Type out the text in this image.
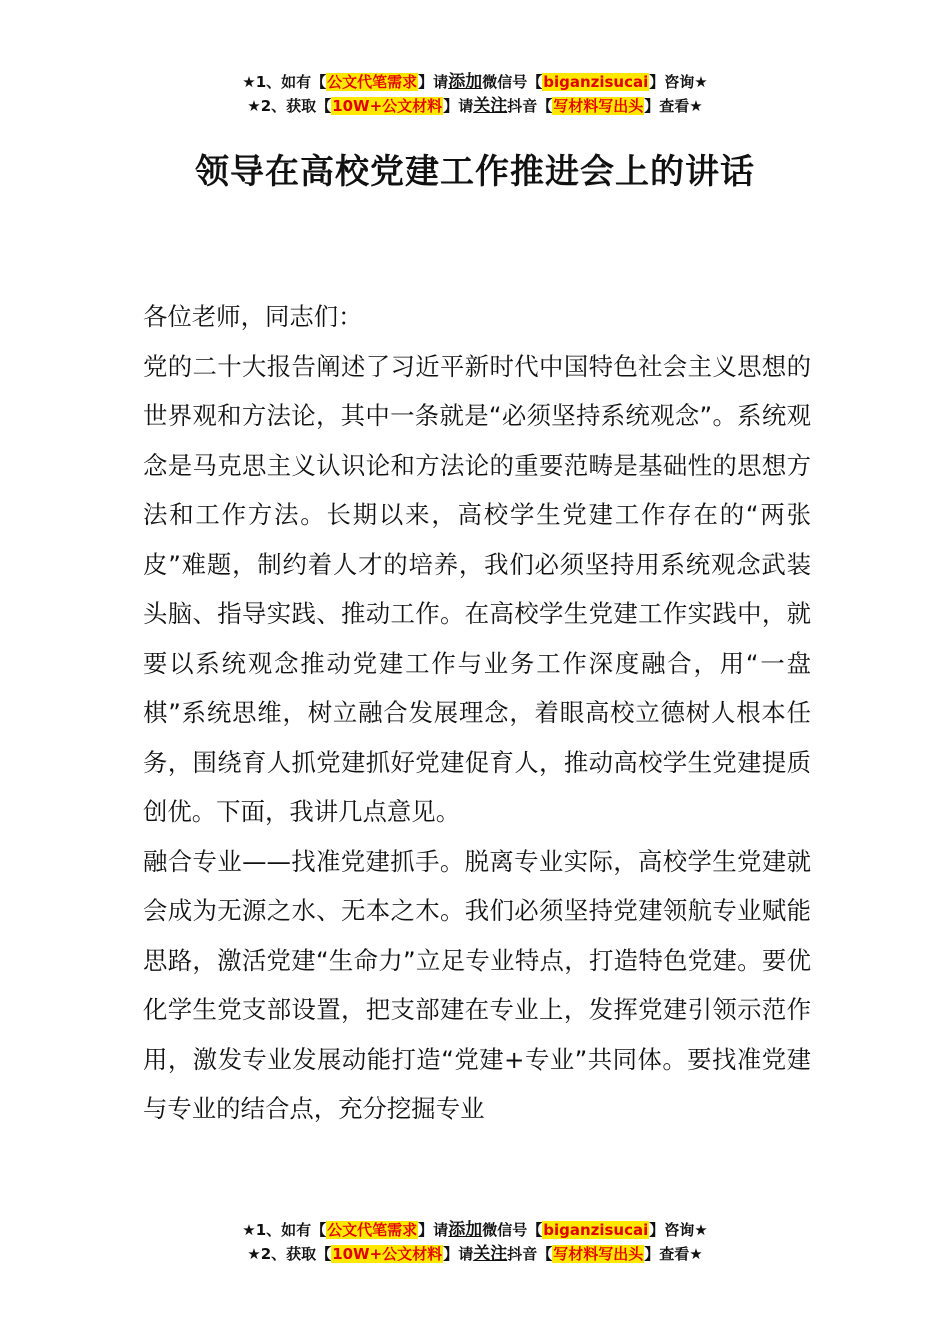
★1、如有【公文代笔需求】请添加微信号【biganzisucai】咨询★
★2、获取【10W+公文材料】请关注抖音【写材料写出头】查看★
领导在高校党建工作推进会上的讲话

各位老师，同志们：

党的二十大报告阐述了习近平新时代中国特色社会主义思想的世界观和方法论，其中一条就是“必须坚持系统观念”。系统观念是马克思主义认识论和方法论的重要范畴是基础性的思想方法和工作方法。长期以来，高校学生党建工作存在的“两张皮”难题，制约着人才的培养，我们必须坚持用系统观念武装头脑、指导实践、推动工作。在高校学生党建工作实践中，就要以系统观念推动党建工作与业务工作深度融合，用“一盘棋”系统思维，树立融合发展理念，着眼高校立德树人根本任务，围绕育人抓党建抓好党建促育人，推动高校学生党建提质创优。下面，我讲几点意见。

融合专业——找准党建抓手。脱离专业实际，高校学生党建就会成为无源之水、无本之木。我们必须坚持党建领航专业赋能思路，激活党建“生命力”立足专业特点，打造特色党建。要优化学生党支部设置，把支部建在专业上，发挥党建引领示范作用，激发专业发展动能打造“党建+专业”共同体。要找准党建与专业的结合点，充分挖掘专业

★1、如有【公文代笔需求】请添加微信号【biganzisucai】咨询★
★2、获取【10W+公文材料】请关注抖音【写材料写出头】查看★
